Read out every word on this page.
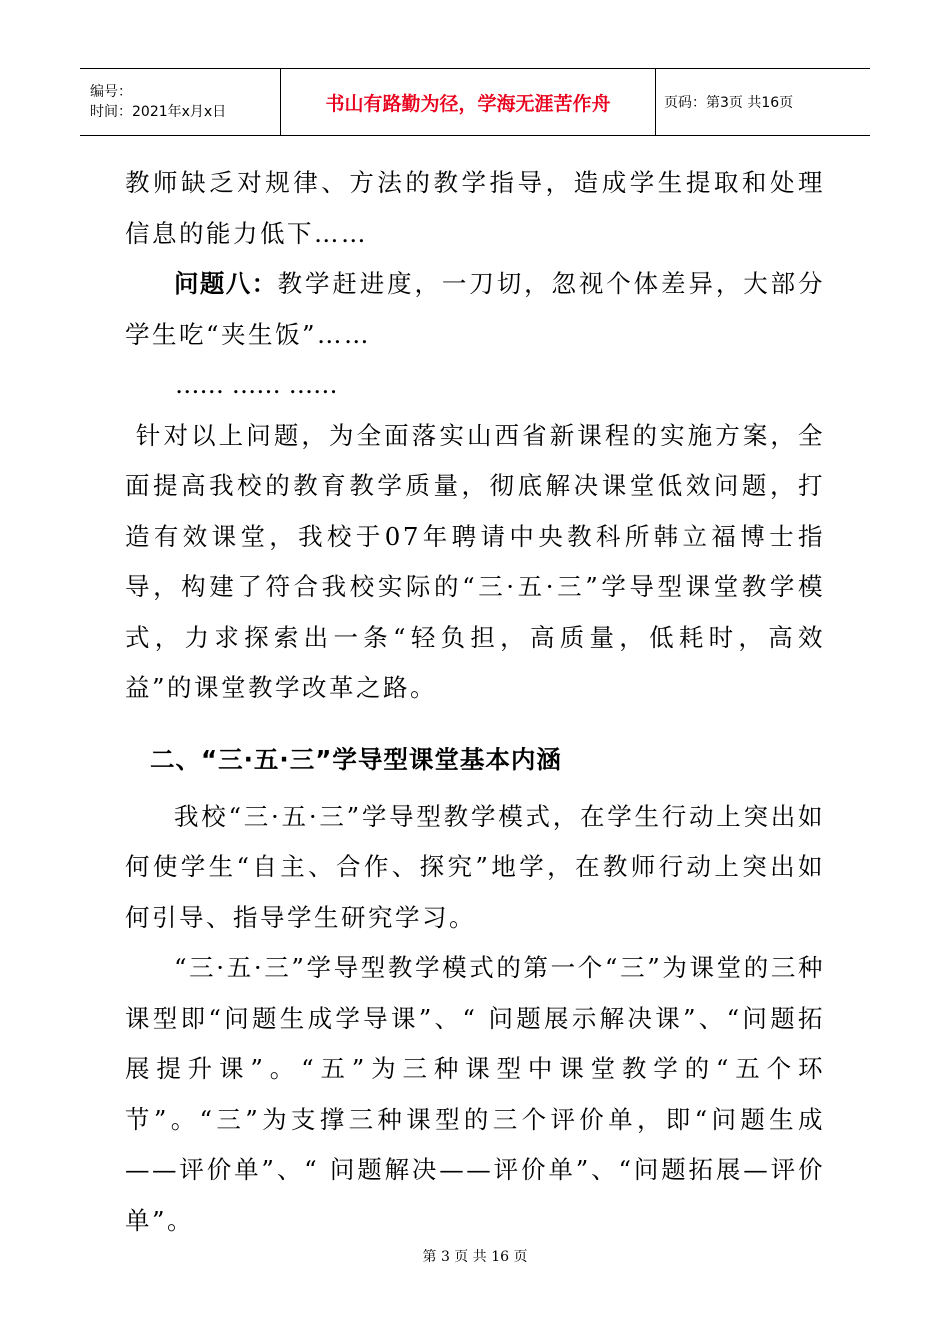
编号：
时间：2021年x月x日	书山有路勤为径，学海无涯苦作舟	页码：第3页 共16页

教师缺乏对规律、方法的教学指导，造成学生提取和处理信息的能力低下……

问题八：教学赶进度，一刀切，忽视个体差异，大部分学生吃“夹生饭”……

…… …… ……

针对以上问题，为全面落实山西省新课程的实施方案，全面提高我校的教育教学质量，彻底解决课堂低效问题，打造有效课堂，我校于07年聘请中央教科所韩立福博士指导，构建了符合我校实际的“三·五·三”学导型课堂教学模式，力求探索出一条“轻负担，高质量，低耗时，高效益”的课堂教学改革之路。

二、“三·五·三”学导型课堂基本内涵

我校“三·五·三”学导型教学模式，在学生行动上突出如何使学生“自主、合作、探究”地学，在教师行动上突出如何引导、指导学生研究学习。

“三·五·三”学导型教学模式的第一个“三”为课堂的三种课型即“问题生成学导课”、“ 问题展示解决课”、“问题拓展提升课”。“五”为三种课型中课堂教学的“五个环节”。“三”为支撑三种课型的三个评价单，即“问题生成——评价单”、“ 问题解决——评价单”、“问题拓展—评价单”。

第 3 页 共 16 页
